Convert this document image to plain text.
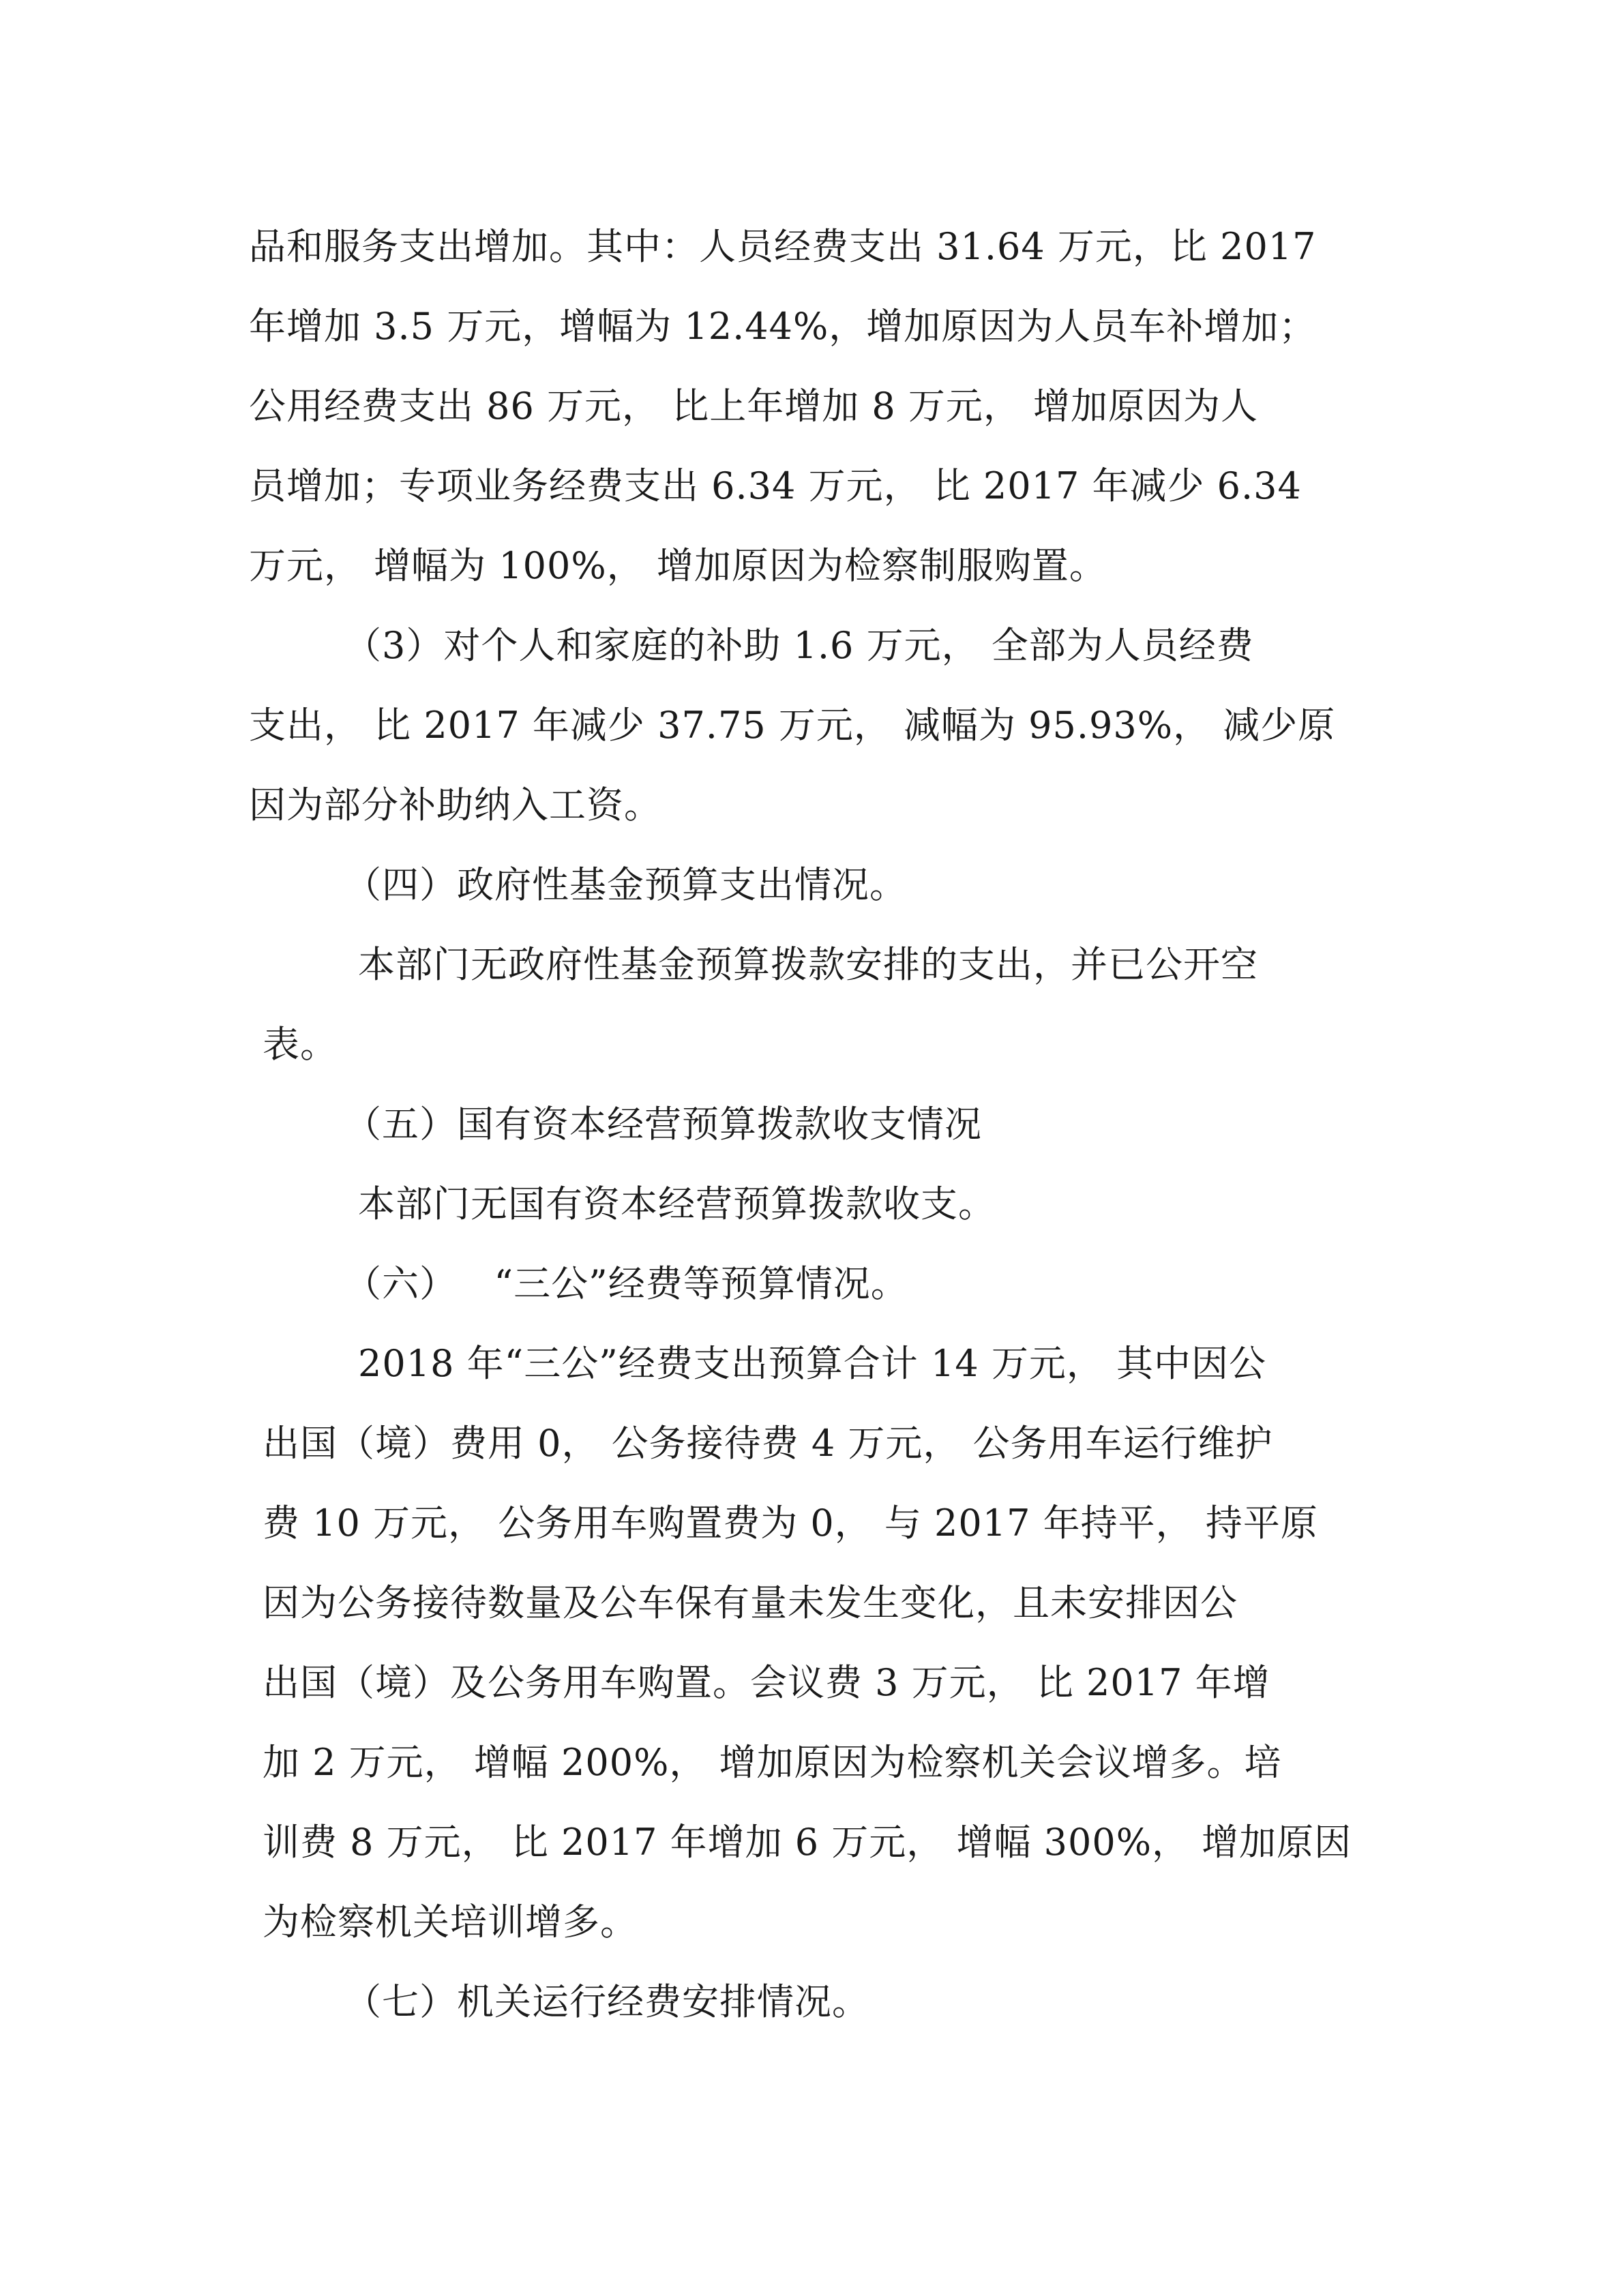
品和服务支出增加。其中：人员经费支出 31.64 万元，比 2017
年增加 3.5 万元，增幅为 12.44%，增加原因为人员车补增加；
公用经费支出 86 万元， 比上年增加 8 万元， 增加原因为人
员增加；专项业务经费支出 6.34 万元， 比 2017 年减少 6.34
万元， 增幅为 100%， 增加原因为检察制服购置。
（3）对个人和家庭的补助 1.6 万元， 全部为人员经费
支出， 比 2017 年减少 37.75 万元， 减幅为 95.93%， 减少原
因为部分补助纳入工资。
（四）政府性基金预算支出情况。
本部门无政府性基金预算拨款安排的支出，并已公开空
表。
（五）国有资本经营预算拨款收支情况
本部门无国有资本经营预算拨款收支。
（六）   “三公”经费等预算情况。
2018 年“三公”经费支出预算合计 14 万元， 其中因公
出国（境）费用 0， 公务接待费 4 万元， 公务用车运行维护
费 10 万元， 公务用车购置费为 0， 与 2017 年持平， 持平原
因为公务接待数量及公车保有量未发生变化，且未安排因公
出国（境）及公务用车购置。会议费 3 万元， 比 2017 年增
加 2 万元， 增幅 200%， 增加原因为检察机关会议增多。培
训费 8 万元， 比 2017 年增加 6 万元， 增幅 300%， 增加原因
为检察机关培训增多。
（七）机关运行经费安排情况。
